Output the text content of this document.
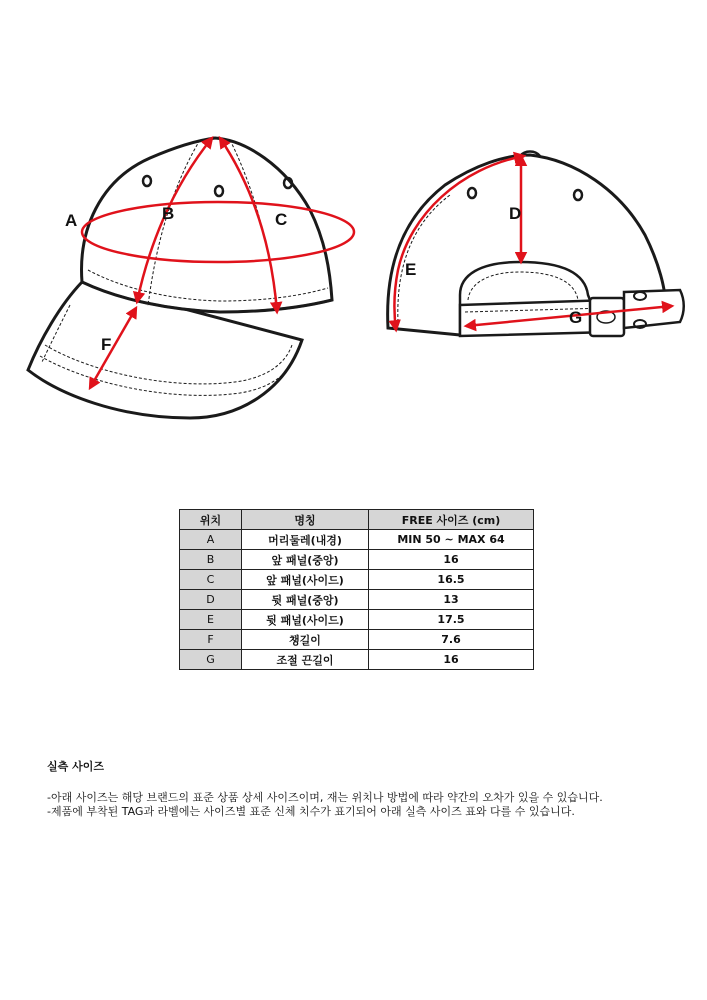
A	B	C	D
E
F
G
위치	명칭	FREE 사이즈 (cm)
A	머리둘레(내경)	MIN 50 ~ MAX 64
B	앞 패널(중앙)	16
C	앞 패널(사이드)	16.5
D	뒷 패널(중앙)	13
E	뒷 패널(사이드)	17.5
F	챙길이	7.6
G	조절 끈길이	16
실측 사이즈

-아래 사이즈는 해당 브랜드의 표준 상품 상세 사이즈이며, 재는 위치나 방법에 따라 약간의 오차가 있을 수 있습니다.

-제품에 부착된 TAG과 라벨에는 사이즈별 표준 신체 치수가 표기되어 아래 실측 사이즈 표와 다를 수 있습니다.
